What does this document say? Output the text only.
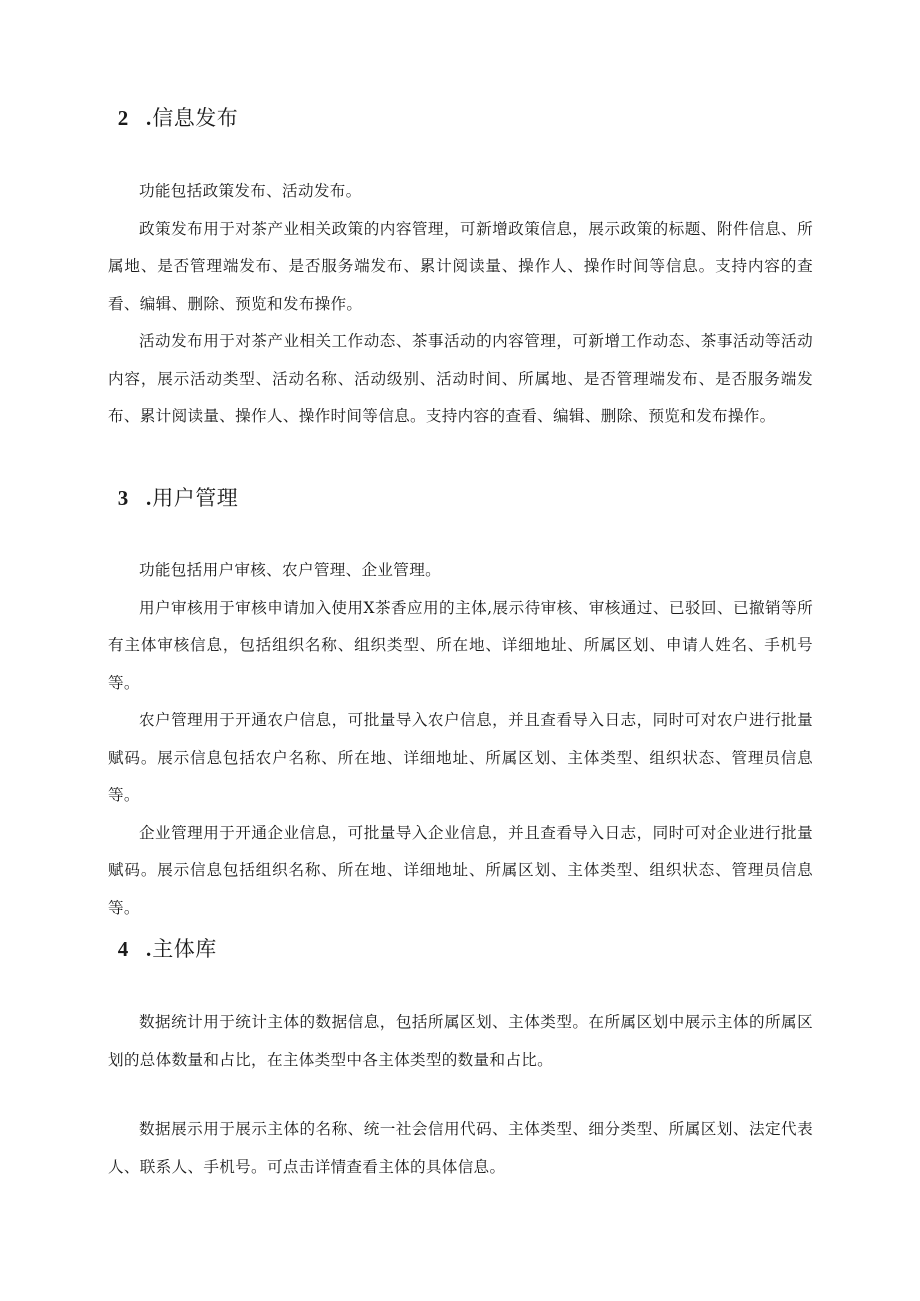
2 . 信息发布

功能包括政策发布、活动发布。

政策发布用于对茶产业相关政策的内容管理，可新增政策信息，展示政策的标题、附件信息、所属地、是否管理端发布、是否服务端发布、累计阅读量、操作人、操作时间等信息。支持内容的查看、编辑、删除、预览和发布操作。

活动发布用于对茶产业相关工作动态、茶事活动的内容管理，可新增工作动态、茶事活动等活动内容，展示活动类型、活动名称、活动级别、活动时间、所属地、是否管理端发布、是否服务端发布、累计阅读量、操作人、操作时间等信息。支持内容的查看、编辑、删除、预览和发布操作。

3 . 用户管理

功能包括用户审核、农户管理、企业管理。

用户审核用于审核申请加入使用X茶香应用的主体,展示待审核、审核通过、已驳回、已撤销等所有主体审核信息，包括组织名称、组织类型、所在地、详细地址、所属区划、申请人姓名、手机号等。

农户管理用于开通农户信息，可批量导入农户信息，并且查看导入日志，同时可对农户进行批量赋码。展示信息包括农户名称、所在地、详细地址、所属区划、主体类型、组织状态、管理员信息等。

企业管理用于开通企业信息，可批量导入企业信息，并且查看导入日志，同时可对企业进行批量赋码。展示信息包括组织名称、所在地、详细地址、所属区划、主体类型、组织状态、管理员信息等。

4 . 主体库

数据统计用于统计主体的数据信息，包括所属区划、主体类型。在所属区划中展示主体的所属区划的总体数量和占比，在主体类型中各主体类型的数量和占比。

数据展示用于展示主体的名称、统一社会信用代码、主体类型、细分类型、所属区划、法定代表人、联系人、手机号。可点击详情查看主体的具体信息。
